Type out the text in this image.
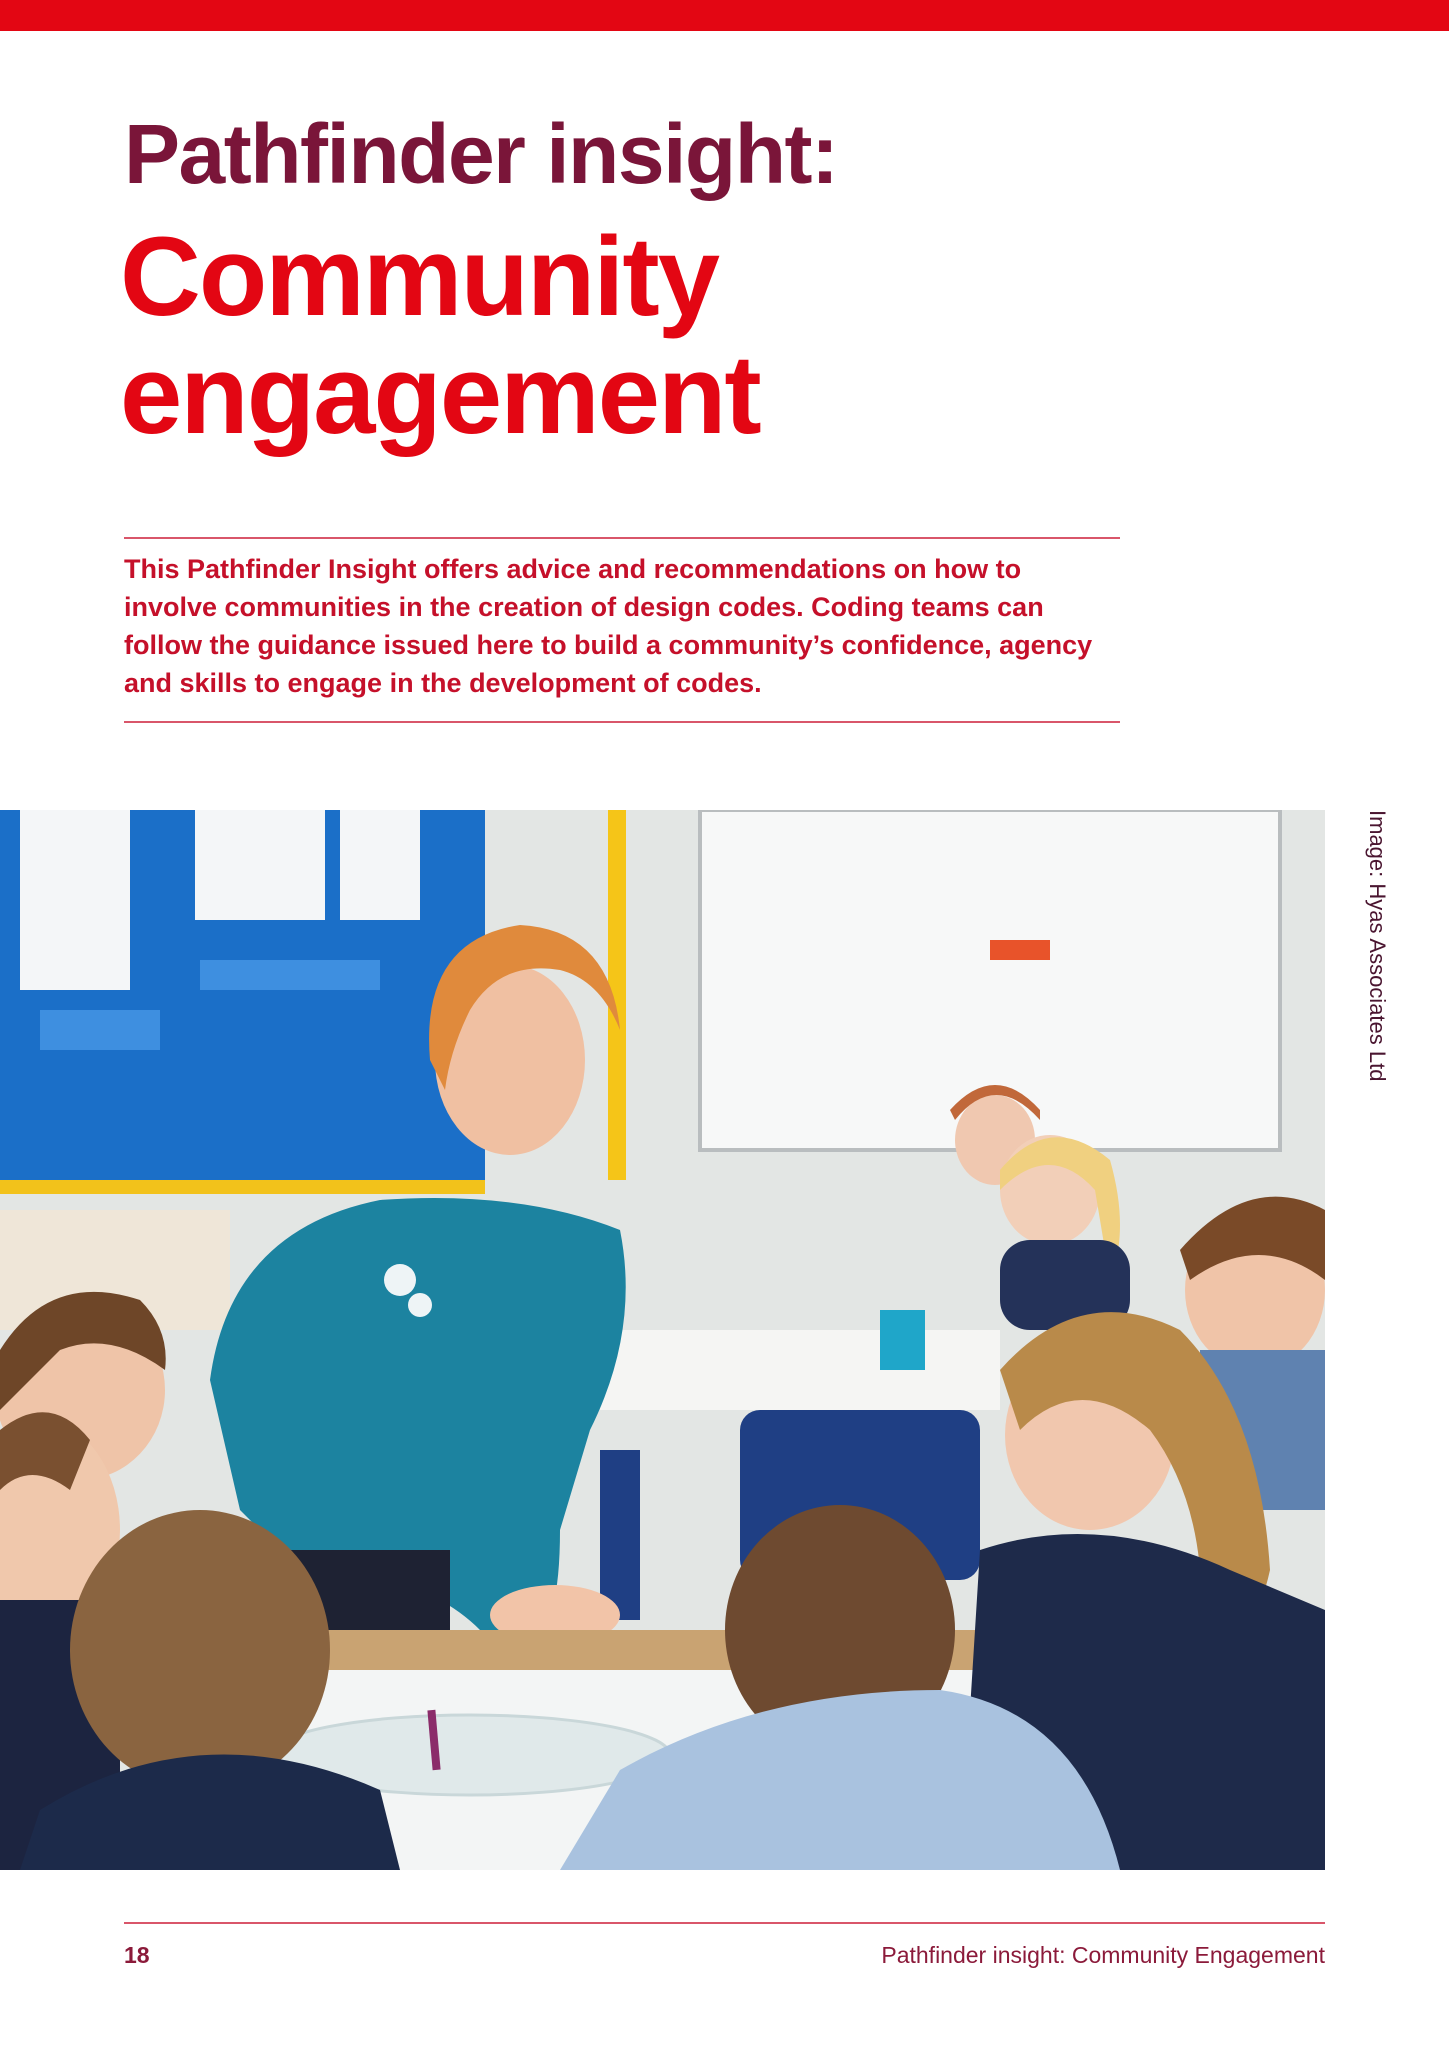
Pathfinder insight:
Community
engagement

This Pathfinder Insight offers advice and recommendations on how to involve communities in the creation of design codes. Coding teams can follow the guidance issued here to build a community’s confidence, agency and skills to engage in the development of codes.

Image: Hyas Associates Ltd
18	Pathfinder insight: Community Engagement
